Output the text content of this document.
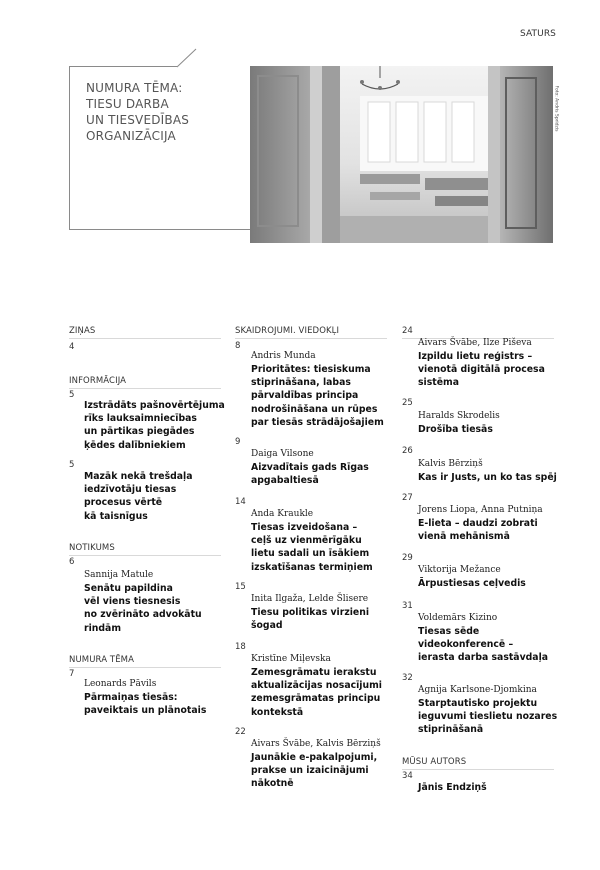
SATURS
NUMURA TĒMA:
TIESU DARBA
UN TIESVEDĪBAS
ORGANIZĀCIJA
Foto: Andris Spridzis
ZIŅAS
4
INFORMĀCIJA
5
Izstrādāts pašnovērtējuma
rīks lauksaimniecības
un pārtikas piegādes
ķēdes dalībniekiem
5
Mazāk nekā trešdaļa
iedzīvotāju tiesas
procesus vērtē
kā taisnīgus
NOTIKUMS
6
Sannija Matule
Senātu papildina
vēl viens tiesnesis
no zvērināto advokātu
rindām
NUMURA TĒMA
7
Leonards Pāvils
Pārmaiņas tiesās:
paveiktais un plānotais
SKAIDROJUMI. VIEDOKĻI
8
Andris Munda
Prioritātes: tiesiskuma
stiprināšana, labas
pārvaldības principa
nodrošināšana un rūpes
par tiesās strādājošajiem
9
Daiga Vilsone
Aizvadītais gads Rīgas
apgabaltiesā
14
Anda Kraukle
Tiesas izveidošana –
ceļš uz vienmērīgāku
lietu sadali un īsākiem
izskatīšanas termiņiem
15
Inita Ilgaža, Lelde Šlisere
Tiesu politikas virzieni
šogad
18
Kristīne Miļevska
Zemesgrāmatu ierakstu
aktualizācijas nosacījumi
zemesgrāmatas principu
kontekstā
22
Aivars Švābe, Kalvis Bērziņš
Jaunākie e-pakalpojumi,
prakse un izaicinājumi
nākotnē
24
Aivars Švābe, Ilze Piševa
Izpildu lietu reģistrs –
vienotā digitālā procesa
sistēma
25
Haralds Skrodelis
Drošība tiesās
26
Kalvis Bērziņš
Kas ir Justs, un ko tas spēj
27
Jorens Liopa, Anna Putniņa
E-lieta – daudzi zobrati
vienā mehānismā
29
Viktorija Mežance
Ārpustiesas ceļvedis
31
Voldemārs Kizino
Tiesas sēde
videokonferencē –
ierasta darba sastāvdaļa
32
Agnija Karlsone-Djomkina
Starptautisko projektu
ieguvumi tieslietu nozares
stiprināšanā
MŪSU AUTORS
34
Jānis Endziņš
